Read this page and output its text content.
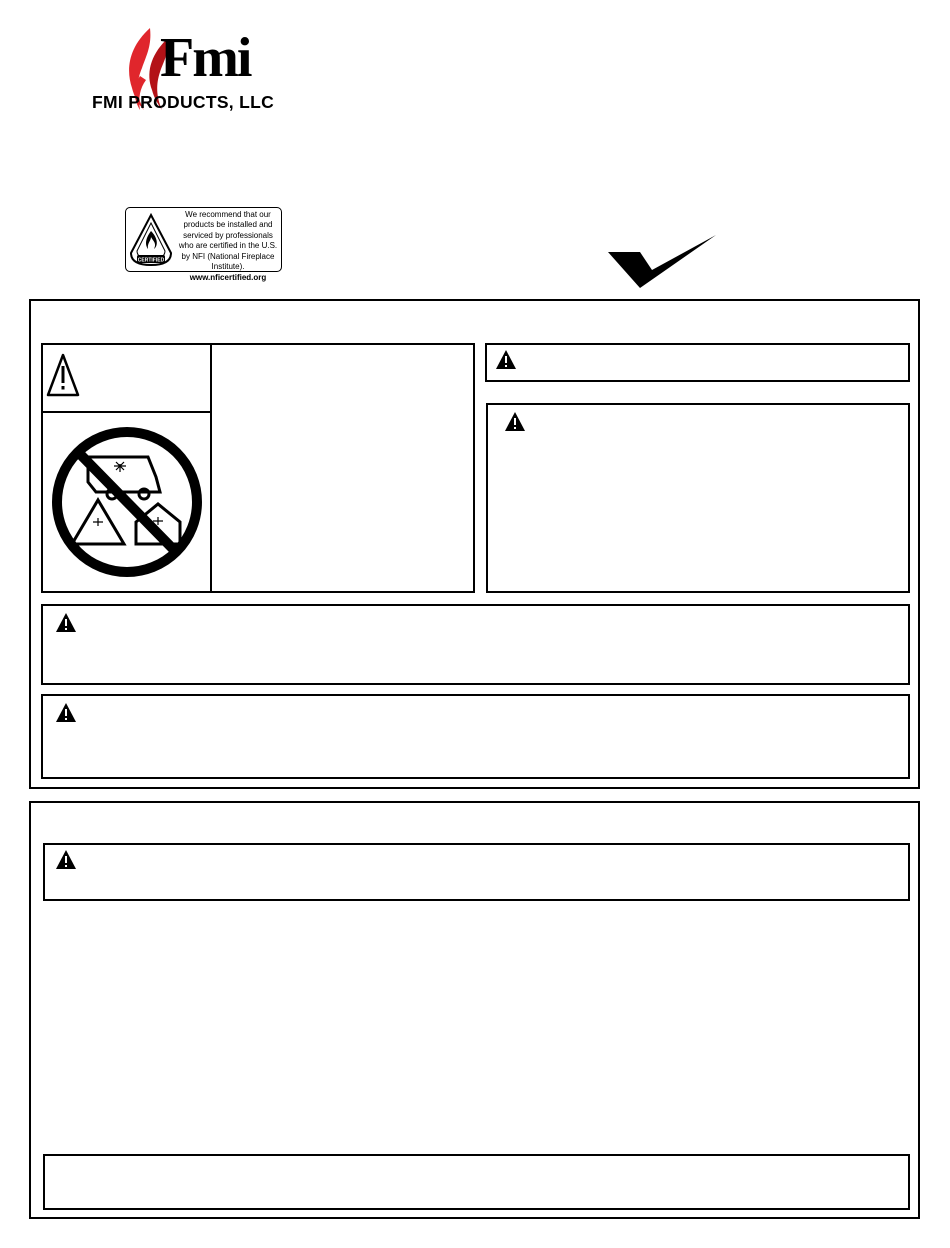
Fmi
FMI PRODUCTS, LLC
CERTIFIED
We recommend that our products be installed and serviced by professionals who are certified in the U.S. by NFI (National Fireplace Institute).
www.nficertified.org
